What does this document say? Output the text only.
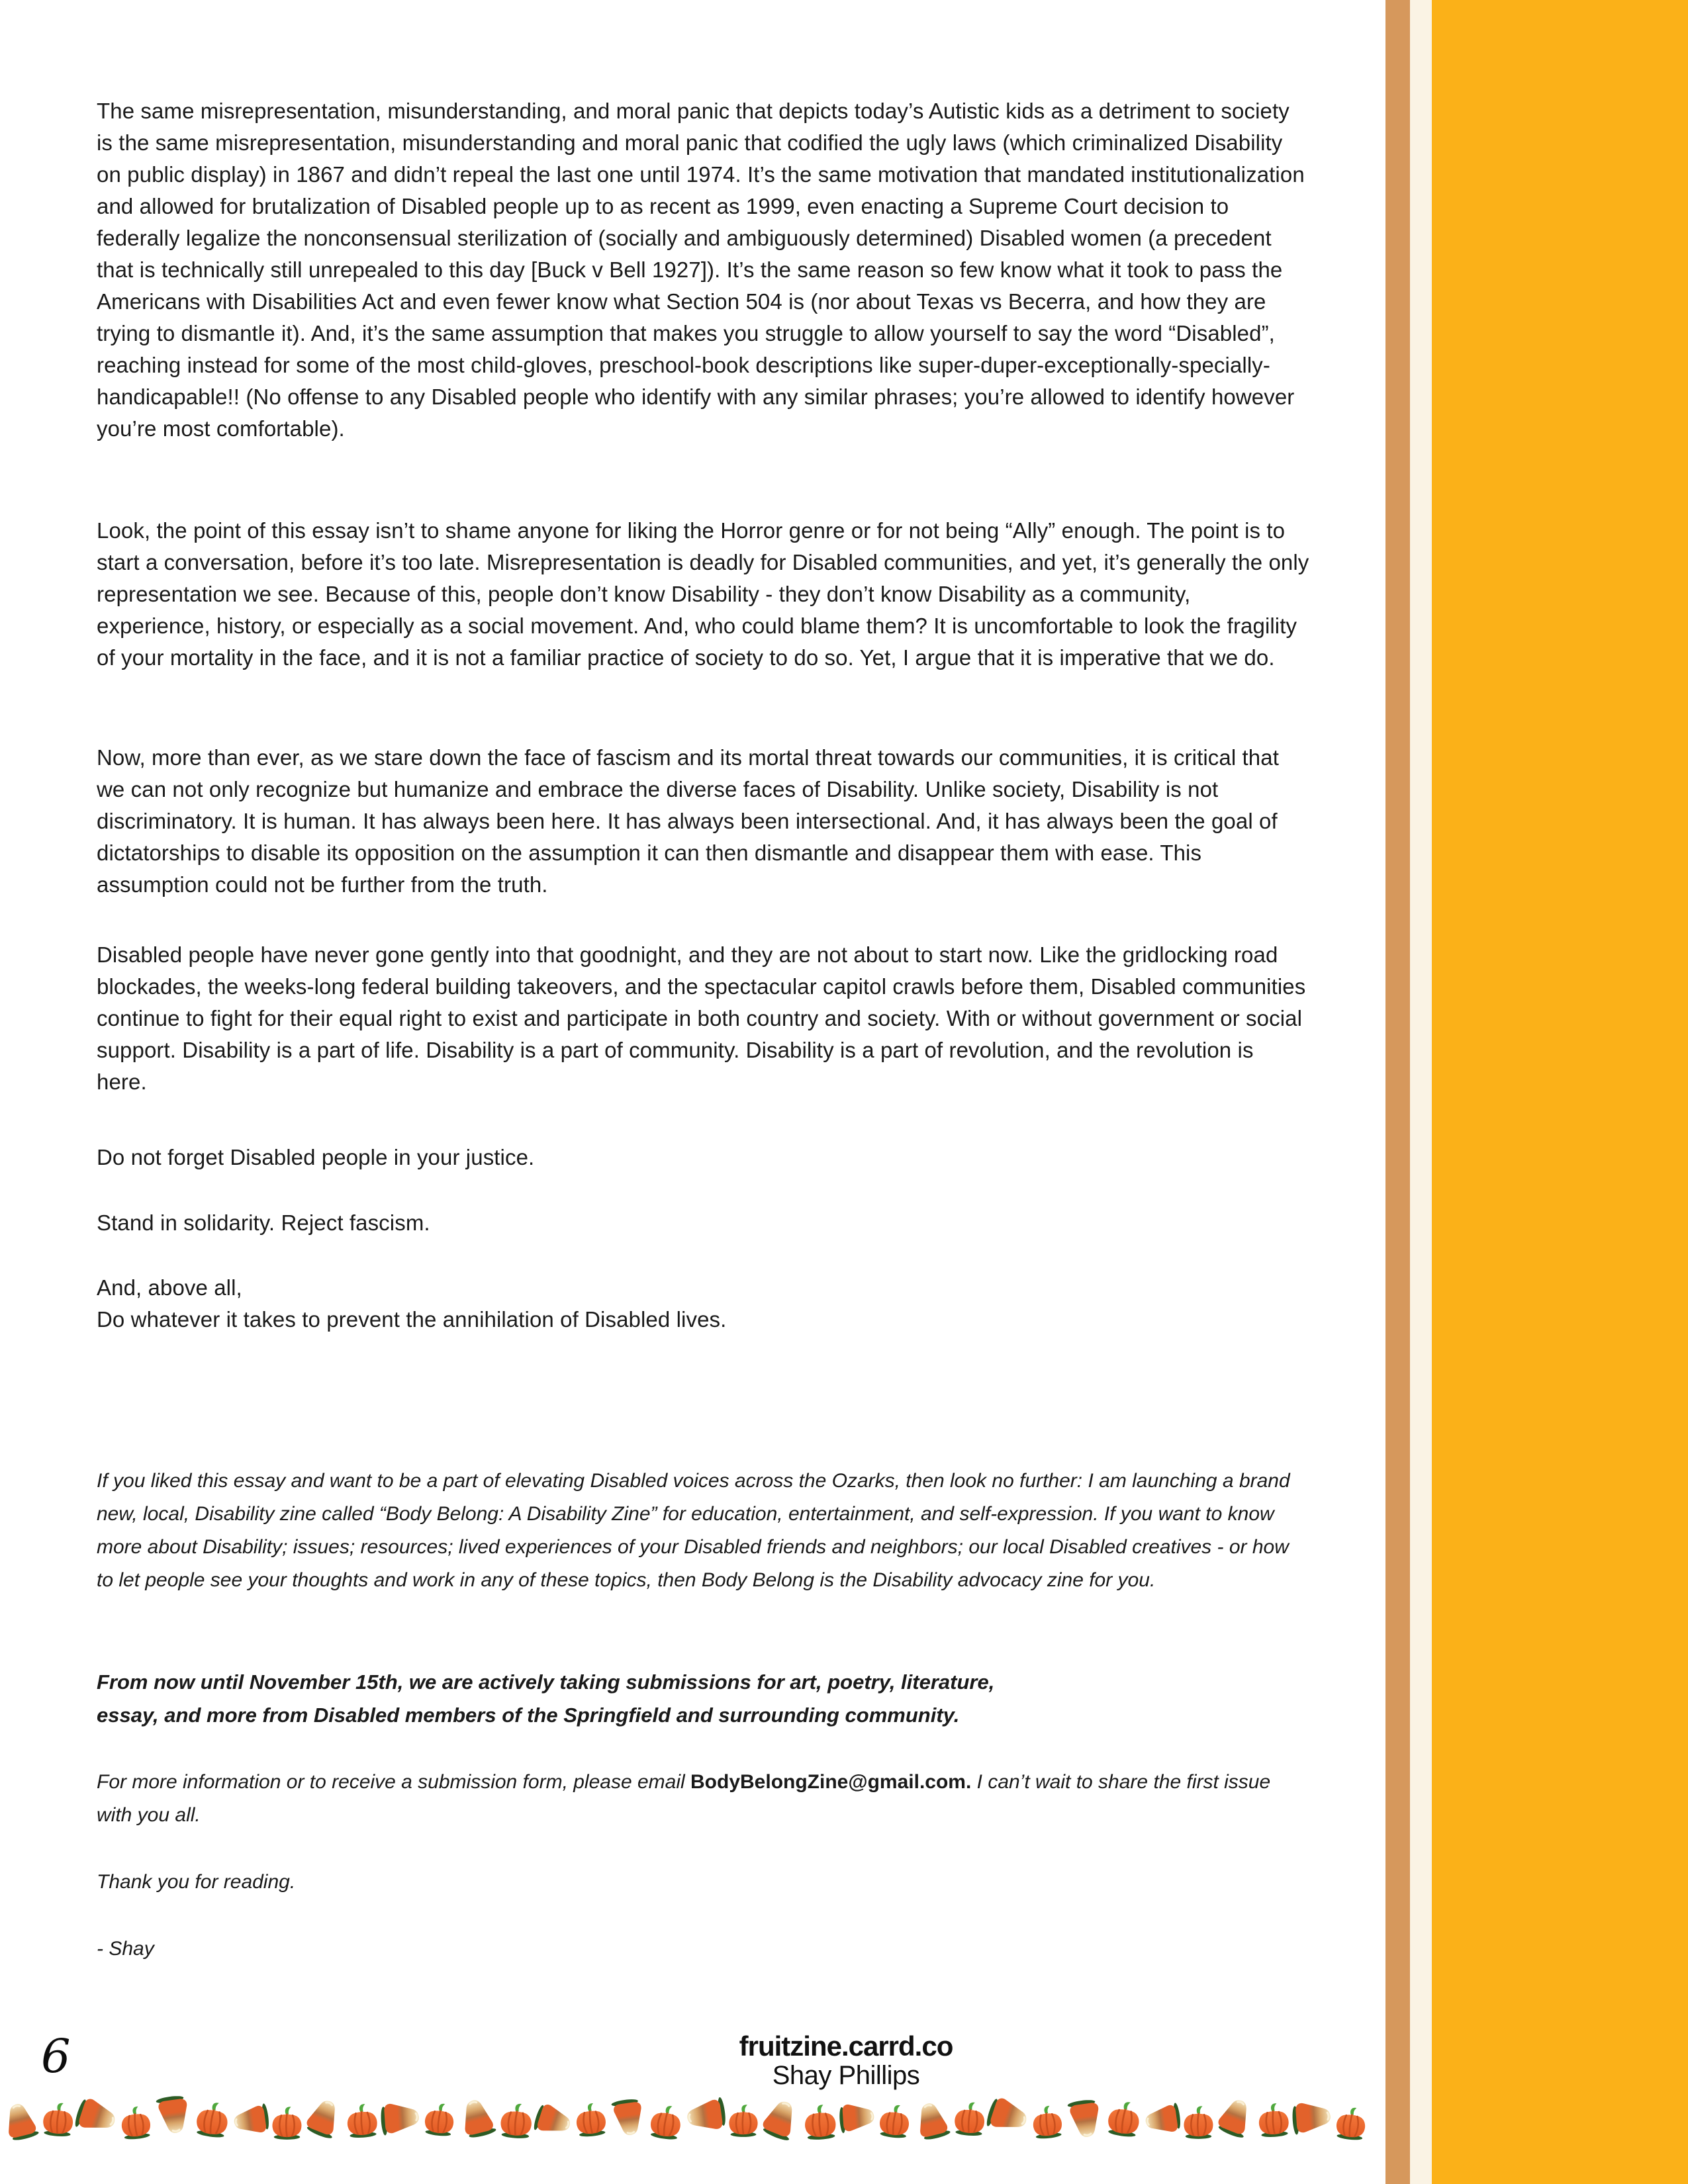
The same misrepresentation, misunderstanding, and moral panic that depicts today’s Autistic kids as a detriment to society is the same misrepresentation, misunderstanding and moral panic that codified the ugly laws (which criminalized Disability on public display) in 1867 and didn’t repeal the last one until 1974. It’s the same motivation that mandated institutionalization and allowed for brutalization of Disabled people up to as recent as 1999, even enacting a Supreme Court decision to federally legalize the nonconsensual sterilization of (socially and ambiguously determined) Disabled women (a precedent that is technically still unrepealed to this day [Buck v Bell 1927]). It’s the same reason so few know what it took to pass the Americans with Disabilities Act and even fewer know what Section 504 is (nor about Texas vs Becerra, and how they are trying to dismantle it). And, it’s the same assumption that makes you struggle to allow yourself to say the word “Disabled”, reaching instead for some of the most child-gloves, preschool-book descriptions like super-duper-exceptionally-specially-handicapable!! (No offense to any Disabled people who identify with any similar phrases; you’re allowed to identify however you’re most comfortable).

Look, the point of this essay isn’t to shame anyone for liking the Horror genre or for not being “Ally” enough. The point is to start a conversation, before it’s too late. Misrepresentation is deadly for Disabled communities, and yet, it’s generally the only representation we see. Because of this, people don’t know Disability - they don’t know Disability as a community, experience, history, or especially as a social movement. And, who could blame them? It is uncomfortable to look the fragility of your mortality in the face, and it is not a familiar practice of society to do so. Yet, I argue that it is imperative that we do.

Now, more than ever, as we stare down the face of fascism and its mortal threat towards our communities, it is critical that we can not only recognize but humanize and embrace the diverse faces of Disability. Unlike society, Disability is not discriminatory. It is human. It has always been here. It has always been intersectional. And, it has always been the goal of dictatorships to disable its opposition on the assumption it can then dismantle and disappear them with ease. This assumption could not be further from the truth.

Disabled people have never gone gently into that goodnight, and they are not about to start now. Like the gridlocking road blockades, the weeks-long federal building takeovers, and the spectacular capitol crawls before them, Disabled communities continue to fight for their equal right to exist and participate in both country and society. With or without government or social support. Disability is a part of life. Disability is a part of community. Disability is a part of revolution, and the revolution is here.

Do not forget Disabled people in your justice.

Stand in solidarity. Reject fascism.

And, above all,
Do whatever it takes to prevent the annihilation of Disabled lives.

If you liked this essay and want to be a part of elevating Disabled voices across the Ozarks, then look no further: I am launching a brand new, local, Disability zine called “Body Belong: A Disability Zine” for education, entertainment, and self-expression. If you want to know more about Disability; issues; resources; lived experiences of your Disabled friends and neighbors; our local Disabled creatives - or how to let people see your thoughts and work in any of these topics, then Body Belong is the Disability advocacy zine for you.

From now until November 15th, we are actively taking submissions for art, poetry, literature,
essay, and more from Disabled members of the Springfield and surrounding community.

For more information or to receive a submission form, please email BodyBelongZine@gmail.com. I can’t wait to share the first issue with you all.

Thank you for reading.

- Shay

6	fruitzine.carrd.co
Shay Phillips
